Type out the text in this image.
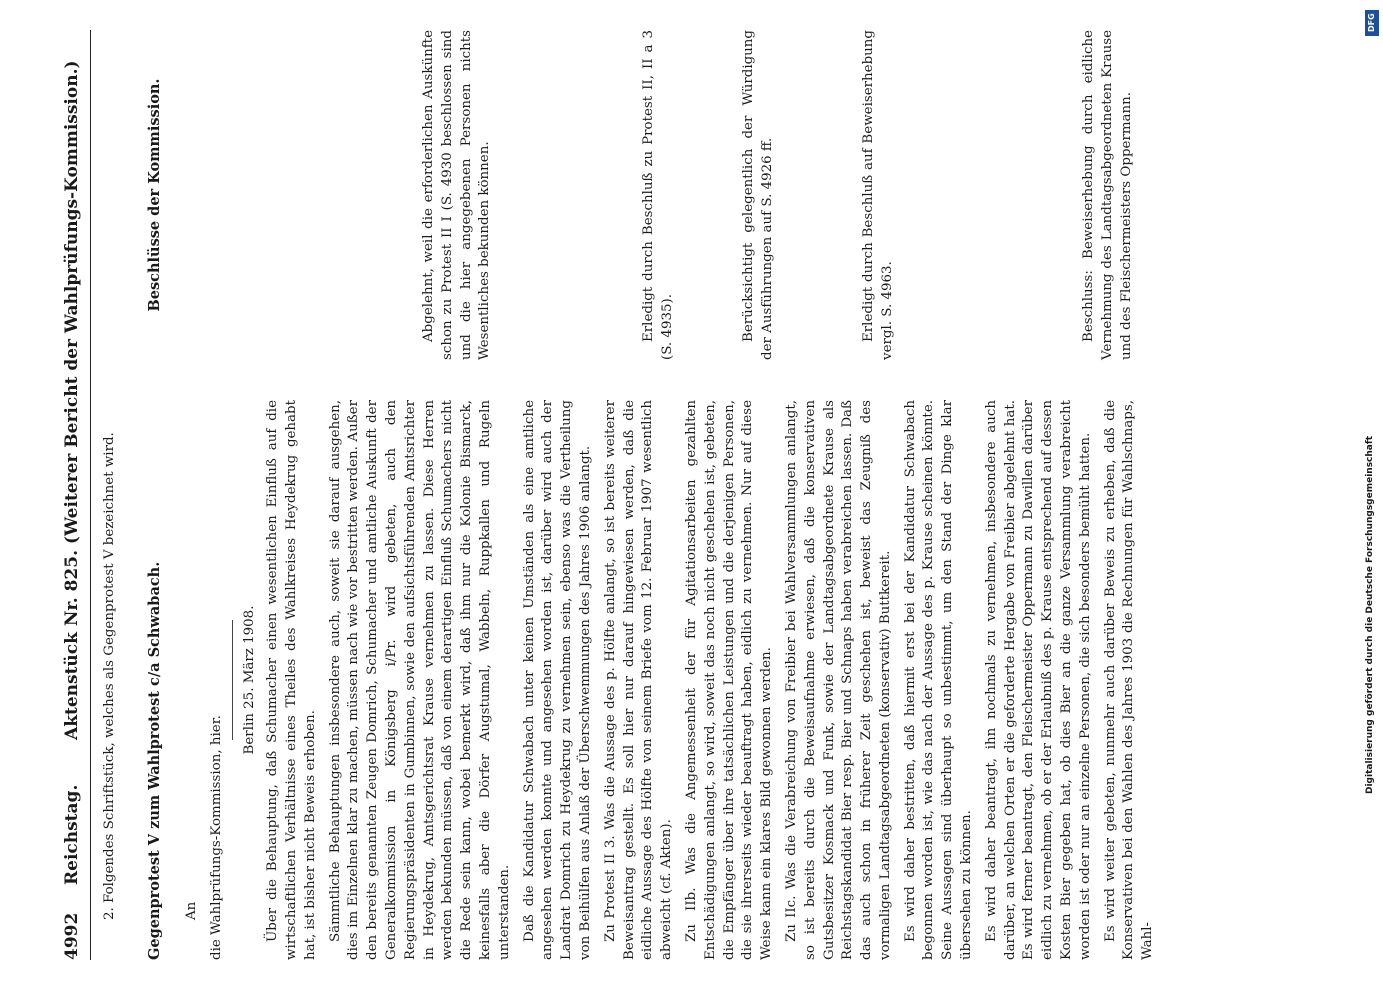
4992
Reichstag.
Aktenstück Nr. 825. (Weiterer Bericht der Wahlprüfungs-Kommission.) 2. Folgendes Schriftstück, welches als Gegenprotest V bezeichnet wird. Gegenprotest V zum Wahlprotest c/a Schwabach. An die Wahlprüfungs-Kommission, hier.

Berlin 25. März 1908. Über die Behauptung, daß Schumacher einen wesentlichen Einfluß auf die wirtschaftlichen Verhältnisse eines Theiles des Wahlkreises Heydekrug gehabt hat, ist bisher nicht Beweis erhoben. Sämmtliche Behauptungen insbesondere auch, soweit sie darauf ausgehen, dies im Einzelnen klar zu machen, müssen nach wie vor bestritten werden. Außer den bereits genannten Zeugen Domrich, Schumacher und amtliche Auskunft der Generalkommission in Königsberg i/Pr. wird gebeten, auch den Regierungspräsidenten in Gumbinnen, sowie den aufsichtsführenden Amtsrichter in Heydekrug, Amtsgerichtsrat Krause vernehmen zu lassen. Diese Herren werden bekunden müssen, daß von einem derartigen Einfluß Schumachers nicht die Rede sein kann, wobei bemerkt wird, daß ihm nur die Kolonie Bismarck, keinesfalls aber die Dörfer Augstumal, Wabbeln, Ruppkallen und Rugeln unterstanden. Daß die Kandidatur Schwabach unter keinen Umständen als eine amtliche angesehen werden konnte und angesehen worden ist, darüber wird auch der Landrat Domrich zu Heydekrug zu vernehmen sein, ebenso was die Vertheilung von Beihülfen aus Anlaß der Überschwemmungen des Jahres 1906 anlangt. Zu Protest II 3. Was die Aussage des p. Hölfte anlangt, so ist bereits weiterer Beweisantrag gestellt. Es soll hier nur darauf hingewiesen werden, daß die eidliche Aussage des Hölfte von seinem Briefe vom 12. Februar 1907 wesentlich abweicht (cf. Akten). Zu IIb. Was die Angemessenheit der für Agitationsarbeiten gezahlten Entschädigungen anlangt, so wird, soweit das noch nicht geschehen ist, gebeten, die Empfänger über ihre tatsächlichen Leistungen und die derjenigen Personen, die sie ihrerseits wieder beauftragt haben, eidlich zu vernehmen. Nur auf diese Weise kann ein klares Bild gewonnen werden. Zu IIc. Was die Verabreichung von Freibier bei Wahlversammlungen anlangt, so ist bereits durch die Beweisaufnahme erwiesen, daß die konservativen Gutsbesitzer Kosmack und Funk, sowie der Landtagsabgeordnete Krause als Reichstagskandidat Bier resp. Bier und Schnaps haben verabreichen lassen. Daß das auch schon in früherer Zeit geschehen ist, beweist das Zeugniß des vormaligen Landtagsabgeordneten (konservativ) Buttkereit. Es wird daher bestritten, daß hiermit erst bei der Kandidatur Schwabach begonnen worden ist, wie das nach der Aussage des p. Krause scheinen könnte. Seine Aussagen sind überhaupt so unbestimmt, um den Stand der Dinge klar übersehen zu können. Es wird daher beantragt, ihn nochmals zu vernehmen, insbesondere auch darüber, an welchen Orten er die geforderte Hergabe von Freibier abgelehnt hat. Es wird ferner beantragt, den Fleischermeister Oppermann zu Dawillen darüber eidlich zu vernehmen, ob er der Erlaubniß des p. Krause entsprechend auf dessen Kosten Bier gegeben hat, ob dies Bier an die ganze Versammlung verabreicht worden ist oder nur an einzelne Personen, die sich besonders bemüht hatten. Es wird weiter gebeten, nunmehr auch darüber Beweis zu erheben, daß die Konservativen bei den Wahlen des Jahres 1903 die Rechnungen für Wahlschnaps, Wahl-

Beschlüsse der Kommission.	Abgelehnt, weil die erforderlichen Auskünfte schon zu Protest II I (S. 4930 beschlossen sind und die hier angegebenen Personen nichts Wesentliches bekunden können.	Erledigt durch Beschluß zu Protest II, II a 3 (S. 4935).	Berücksichtigt gelegentlich der Würdigung der Ausführungen auf S. 4926 ff.	Erledigt durch Beschluß auf Beweiserhebung vergl. S. 4963.	Beschluss: Beweiserhebung durch eidliche Vernehmung des Landtagsabgeordneten Krause und des Fleischermeisters Oppermann.

Digitalisierung gefördert durch die Deutsche Forschungsgemeinschaft
DFG
